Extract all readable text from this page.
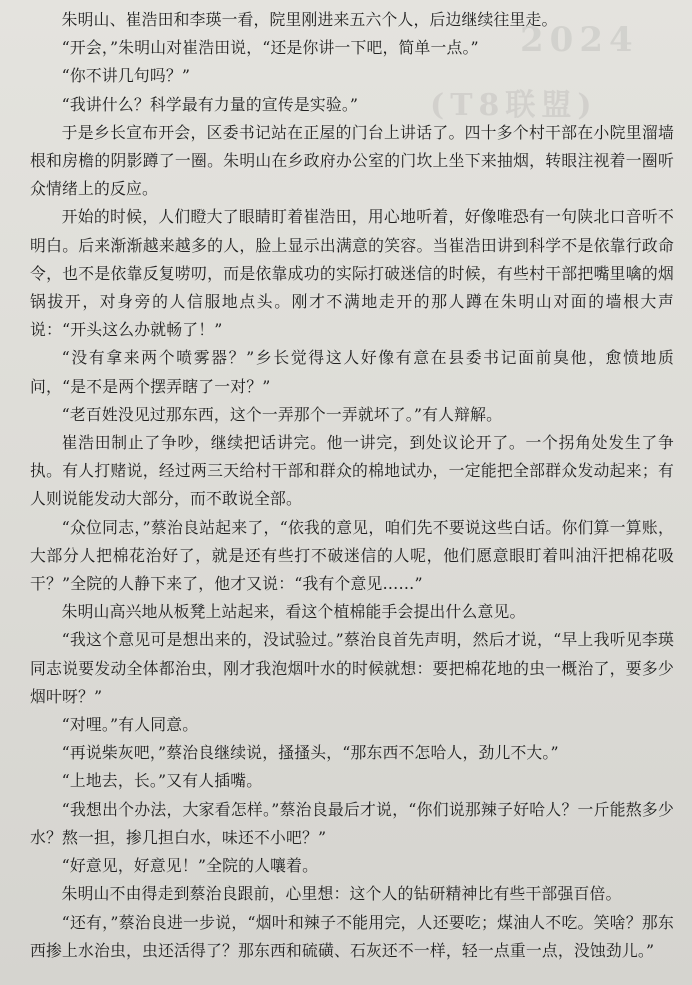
2024
(T8联盟)

朱明山、崔浩田和李瑛一看，院里刚进来五六个人，后边继续往里走。

“开会，”朱明山对崔浩田说，“还是你讲一下吧，简单一点。”

“你不讲几句吗？”

“我讲什么？科学最有力量的宣传是实验。”

于是乡长宣布开会，区委书记站在正屋的门台上讲话了。四十多个村干部在小院里溜墙根和房檐的阴影蹲了一圈。朱明山在乡政府办公室的门坎上坐下来抽烟，转眼注视着一圈听众情绪上的反应。

开始的时候，人们瞪大了眼睛盯着崔浩田，用心地听着，好像唯恐有一句陕北口音听不明白。后来渐渐越来越多的人，脸上显示出满意的笑容。当崔浩田讲到科学不是依靠行政命令，也不是依靠反复唠叨，而是依靠成功的实际打破迷信的时候，有些村干部把嘴里噙的烟锅拔开，对身旁的人信服地点头。刚才不满地走开的那人蹲在朱明山对面的墙根大声说：“开头这么办就畅了！”

“没有拿来两个喷雾器？”乡长觉得这人好像有意在县委书记面前臭他，愈愤地质问，“是不是两个摆弄瞎了一对？”

“老百姓没见过那东西，这个一弄那个一弄就坏了。”有人辩解。

崔浩田制止了争吵，继续把话讲完。他一讲完，到处议论开了。一个拐角处发生了争执。有人打赌说，经过两三天给村干部和群众的棉地试办，一定能把全部群众发动起来；有人则说能发动大部分，而不敢说全部。

“众位同志，”蔡治良站起来了，“依我的意见，咱们先不要说这些白话。你们算一算账，大部分人把棉花治好了，就是还有些打不破迷信的人呢，他们愿意眼盯着叫油汗把棉花吸干？”全院的人静下来了，他才又说：“我有个意见……”

朱明山高兴地从板凳上站起来，看这个植棉能手会提出什么意见。

“我这个意见可是想出来的，没试验过。”蔡治良首先声明，然后才说，“早上我听见李瑛同志说要发动全体都治虫，刚才我泡烟叶水的时候就想：要把棉花地的虫一概治了，要多少烟叶呀？”

“对哩。”有人同意。

“再说柴灰吧，”蔡治良继续说，搔搔头，“那东西不怎哈人，劲儿不大。”

“上地去，长。”又有人插嘴。

“我想出个办法，大家看怎样。”蔡治良最后才说，“你们说那辣子好哈人？一斤能熬多少水？熬一担，掺几担白水，味还不小吧？”

“好意见，好意见！”全院的人嚷着。

朱明山不由得走到蔡治良跟前，心里想：这个人的钻研精神比有些干部强百倍。

“还有，”蔡治良进一步说，“烟叶和辣子不能用完，人还要吃；煤油人不吃。笑啥？那东西掺上水治虫，虫还活得了？那东西和硫磺、石灰还不一样，轻一点重一点，没蚀劲儿。”
